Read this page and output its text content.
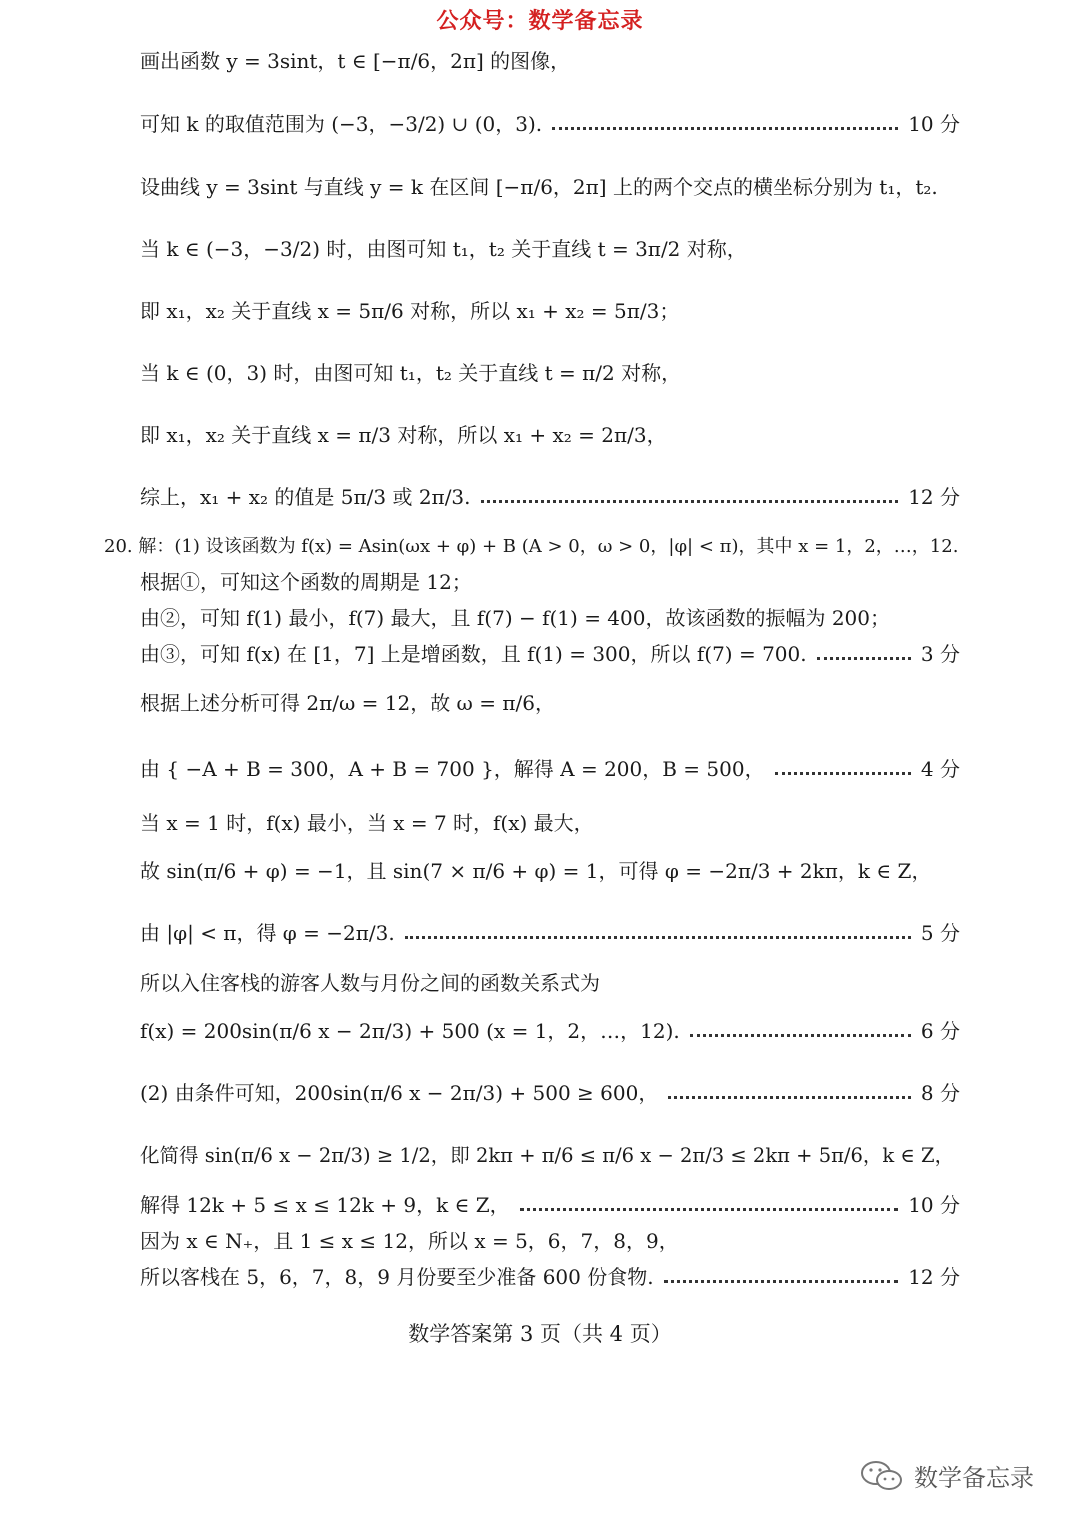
公众号：数学备忘录
画出函数 y = 3sint，t ∈ [−π/6，2π] 的图像，
可知 k 的取值范围为 (−3，−3/2) ∪ (0，3).	10 分
设曲线 y = 3sint 与直线 y = k 在区间 [−π/6，2π] 上的两个交点的横坐标分别为 t₁，t₂.
当 k ∈ (−3，−3/2) 时，由图可知 t₁，t₂ 关于直线 t = 3π/2 对称，
即 x₁，x₂ 关于直线 x = 5π/6 对称，所以 x₁ + x₂ = 5π/3；
当 k ∈ (0，3) 时，由图可知 t₁，t₂ 关于直线 t = π/2 对称，
即 x₁，x₂ 关于直线 x = π/3 对称，所以 x₁ + x₂ = 2π/3，
综上，x₁ + x₂ 的值是 5π/3 或 2π/3.	12 分
20. 解：(1) 设该函数为 f(x) = Asin(ωx + φ) + B (A > 0，ω > 0，|φ| < π)，其中 x = 1，2，…，12.
根据①，可知这个函数的周期是 12；
由②，可知 f(1) 最小，f(7) 最大，且 f(7) − f(1) = 400，故该函数的振幅为 200；
由③，可知 f(x) 在 [1，7] 上是增函数，且 f(1) = 300，所以 f(7) = 700.	3 分
根据上述分析可得 2π/ω = 12，故 ω = π/6，
由 { −A + B = 300，A + B = 700 }，解得 A = 200，B = 500，	4 分
当 x = 1 时，f(x) 最小，当 x = 7 时，f(x) 最大，
故 sin(π/6 + φ) = −1，且 sin(7 × π/6 + φ) = 1，可得 φ = −2π/3 + 2kπ，k ∈ Z，
由 |φ| < π，得 φ = −2π/3.	5 分
所以入住客栈的游客人数与月份之间的函数关系式为
f(x) = 200sin(π/6 x − 2π/3) + 500 (x = 1，2，…，12).	6 分
(2) 由条件可知，200sin(π/6 x − 2π/3) + 500 ≥ 600，	8 分
化简得 sin(π/6 x − 2π/3) ≥ 1/2，即 2kπ + π/6 ≤ π/6 x − 2π/3 ≤ 2kπ + 5π/6，k ∈ Z，
解得 12k + 5 ≤ x ≤ 12k + 9，k ∈ Z，	10 分
因为 x ∈ N₊，且 1 ≤ x ≤ 12，所以 x = 5，6，7，8，9，
所以客栈在 5，6，7，8，9 月份要至少准备 600 份食物.	12 分
数学答案第 3 页（共 4 页）
数学备忘录
